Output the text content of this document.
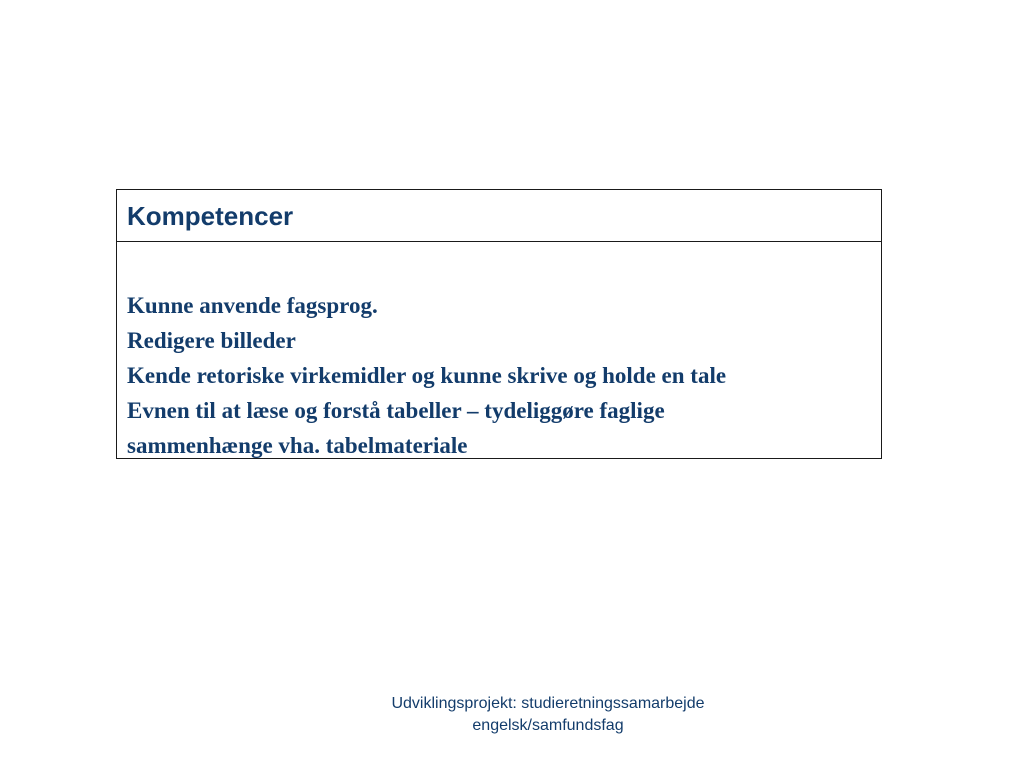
Kompetencer
Kunne anvende fagsprog.
Redigere billeder
Kende retoriske virkemidler og kunne skrive og holde en tale
Evnen til at læse og forstå tabeller – tydeliggøre faglige
sammenhænge vha. tabelmateriale
Udviklingsprojekt: studieretningssamarbejde
engelsk/samfundsfag
